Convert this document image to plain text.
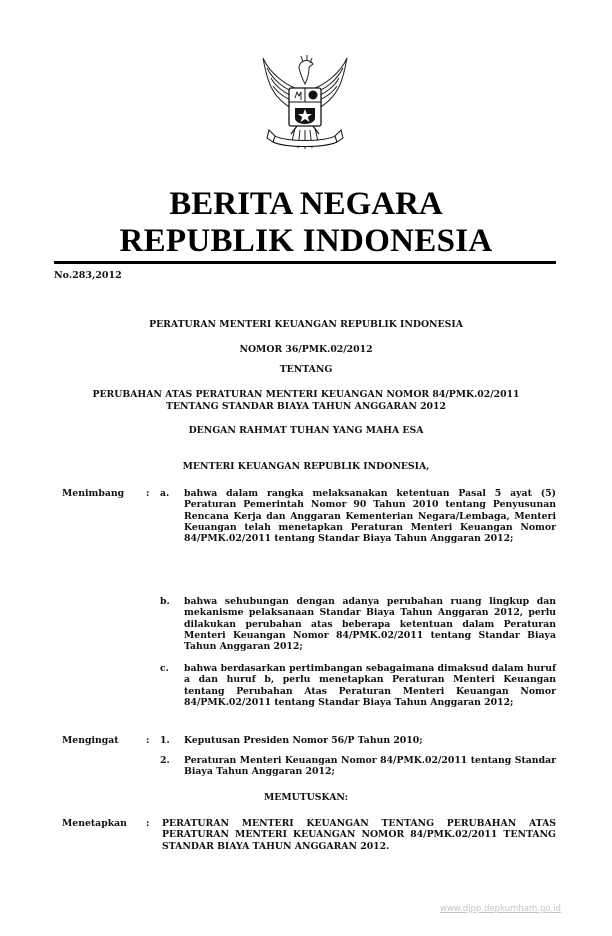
BERITA NEGARA
REPUBLIK INDONESIA
No.283,2012
PERATURAN MENTERI KEUANGAN REPUBLIK INDONESIA
NOMOR 36/PMK.02/2012
TENTANG
PERUBAHAN ATAS PERATURAN MENTERI KEUANGAN NOMOR 84/PMK.02/2011
TENTANG STANDAR BIAYA TAHUN ANGGARAN 2012
DENGAN RAHMAT TUHAN YANG MAHA ESA
MENTERI KEUANGAN REPUBLIK INDONESIA,
Menimbang : a. bahwa dalam rangka melaksanakan ketentuan Pasal 5 ayat (5) Peraturan Pemerintah Nomor 90 Tahun 2010 tentang Penyusunan Rencana Kerja dan Anggaran Kementerian Negara/Lembaga, Menteri Keuangan telah menetapkan Peraturan Menteri Keuangan Nomor 84/PMK.02/2011 tentang Standar Biaya Tahun Anggaran 2012;
b. bahwa sehubungan dengan adanya perubahan ruang lingkup dan mekanisme pelaksanaan Standar Biaya Tahun Anggaran 2012, perlu dilakukan perubahan atas beberapa ketentuan dalam Peraturan Menteri Keuangan Nomor 84/PMK.02/2011 tentang Standar Biaya Tahun Anggaran 2012;
c. bahwa berdasarkan pertimbangan sebagaimana dimaksud dalam huruf a dan huruf b, perlu menetapkan Peraturan Menteri Keuangan tentang Perubahan Atas Peraturan Menteri Keuangan Nomor 84/PMK.02/2011 tentang Standar Biaya Tahun Anggaran 2012;
Mengingat	: 1. Keputusan Presiden Nomor 56/P Tahun 2010;
2. Peraturan Menteri Keuangan Nomor 84/PMK.02/2011 tentang Standar Biaya Tahun Anggaran 2012;
MEMUTUSKAN:
Menetapkan : PERATURAN MENTERI KEUANGAN TENTANG PERUBAHAN ATAS PERATURAN MENTERI KEUANGAN NOMOR 84/PMK.02/2011 TENTANG STANDAR BIAYA TAHUN ANGGARAN 2012.
www.djpp.depkumham.go.id
